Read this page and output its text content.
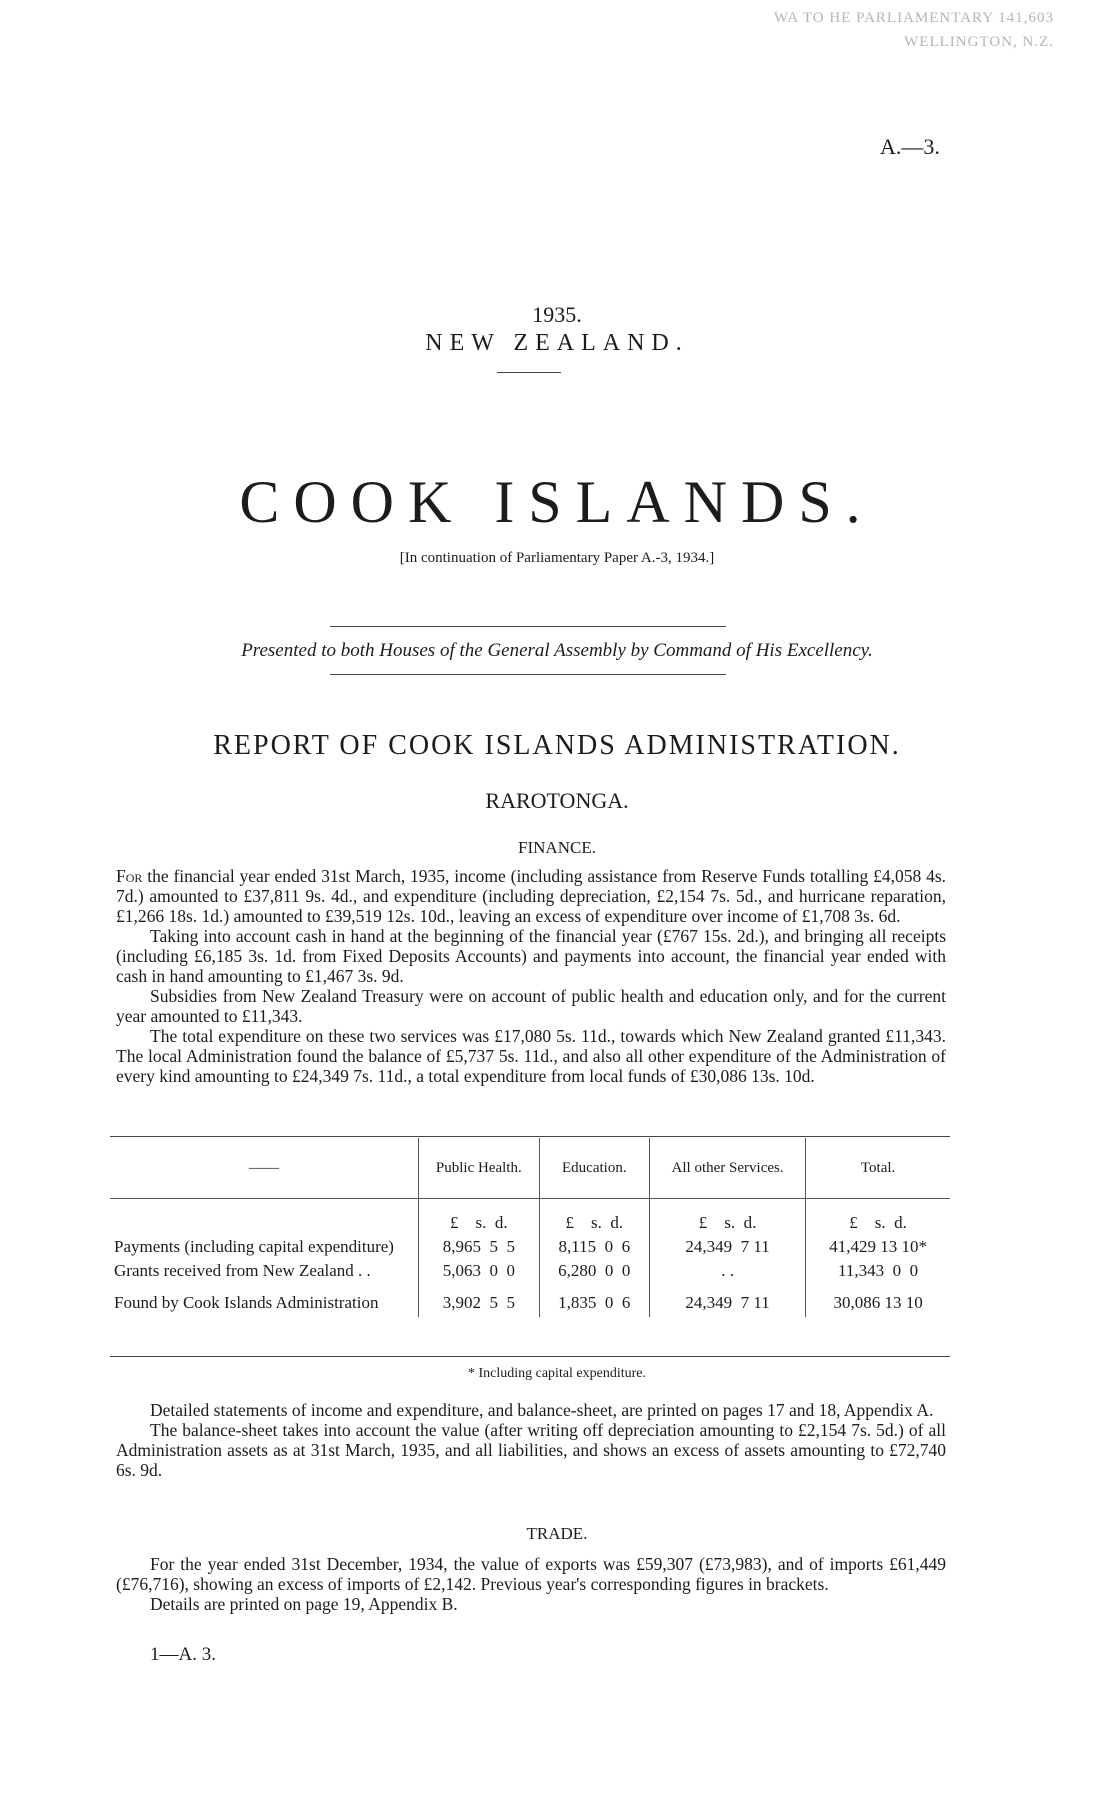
WA TO HE PARLIAMENTARY 141,603
WELLINGTON, N.Z.
A.—3.
1935.
NEW ZEALAND.
COOK ISLANDS.
[In continuation of Parliamentary Paper A.-3, 1934.]
Presented to both Houses of the General Assembly by Command of His Excellency.
REPORT OF COOK ISLANDS ADMINISTRATION.
RAROTONGA.
FINANCE.

For the financial year ended 31st March, 1935, income (including assistance from Reserve Funds totalling £4,058 4s. 7d.) amounted to £37,811 9s. 4d., and expenditure (including depreciation, £2,154 7s. 5d., and hurricane reparation, £1,266 18s. 1d.) amounted to £39,519 12s. 10d., leaving an excess of expenditure over income of £1,708 3s. 6d.

Taking into account cash in hand at the beginning of the financial year (£767 15s. 2d.), and bringing all receipts (including £6,185 3s. 1d. from Fixed Deposits Accounts) and payments into account, the financial year ended with cash in hand amounting to £1,467 3s. 9d.

Subsidies from New Zealand Treasury were on account of public health and education only, and for the current year amounted to £11,343.

The total expenditure on these two services was £17,080 5s. 11d., towards which New Zealand granted £11,343. The local Administration found the balance of £5,737 5s. 11d., and also all other expenditure of the Administration of every kind amounting to £24,349 7s. 11d., a total expenditure from local funds of £30,086 13s. 10d.

——	Public Health.	Education.	All other Services.	Total.
	£    s.  d.	£    s.  d.	£    s.  d.	£    s.  d.
Payments (including capital expenditure)	8,965  5  5	8,115  0  6	24,349  7 11	41,429 13 10*
Grants received from New Zealand . .	5,063  0  0	6,280  0  0	. .	11,343  0  0
Found by Cook Islands Administration	3,902  5  5	1,835  0  6	24,349  7 11	30,086 13 10
* Including capital expenditure.

Detailed statements of income and expenditure, and balance-sheet, are printed on pages 17 and 18, Appendix A.

The balance-sheet takes into account the value (after writing off depreciation amounting to £2,154 7s. 5d.) of all Administration assets as at 31st March, 1935, and all liabilities, and shows an excess of assets amounting to £72,740 6s. 9d.

TRADE.

For the year ended 31st December, 1934, the value of exports was £59,307 (£73,983), and of imports £61,449 (£76,716), showing an excess of imports of £2,142. Previous year's corresponding figures in brackets.

Details are printed on page 19, Appendix B.

1—A. 3.
